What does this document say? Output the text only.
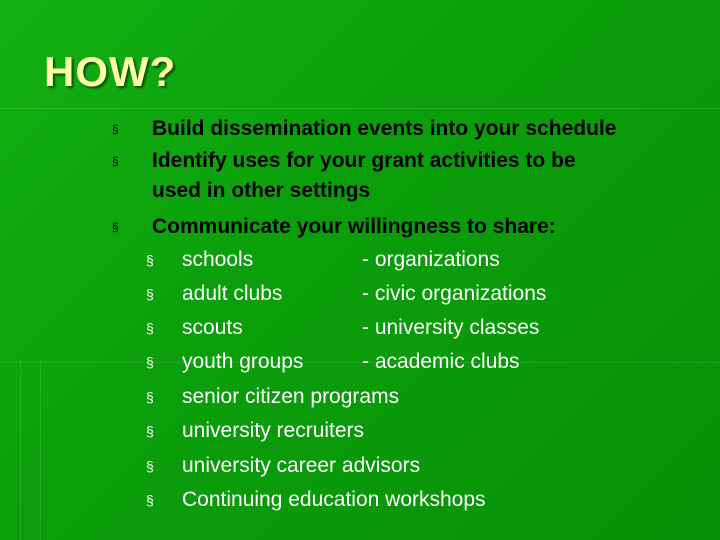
HOW?
§ Build dissemination events into your schedule
§ Identify uses for your grant activities to be
used in other settings
§ Communicate your willingness to share:
§ schools	- organizations
§ adult clubs	- civic organizations
§ scouts	- university classes
§ youth groups	- academic clubs
§ senior citizen programs
§ university recruiters
§ university career advisors
§ Continuing education workshops
